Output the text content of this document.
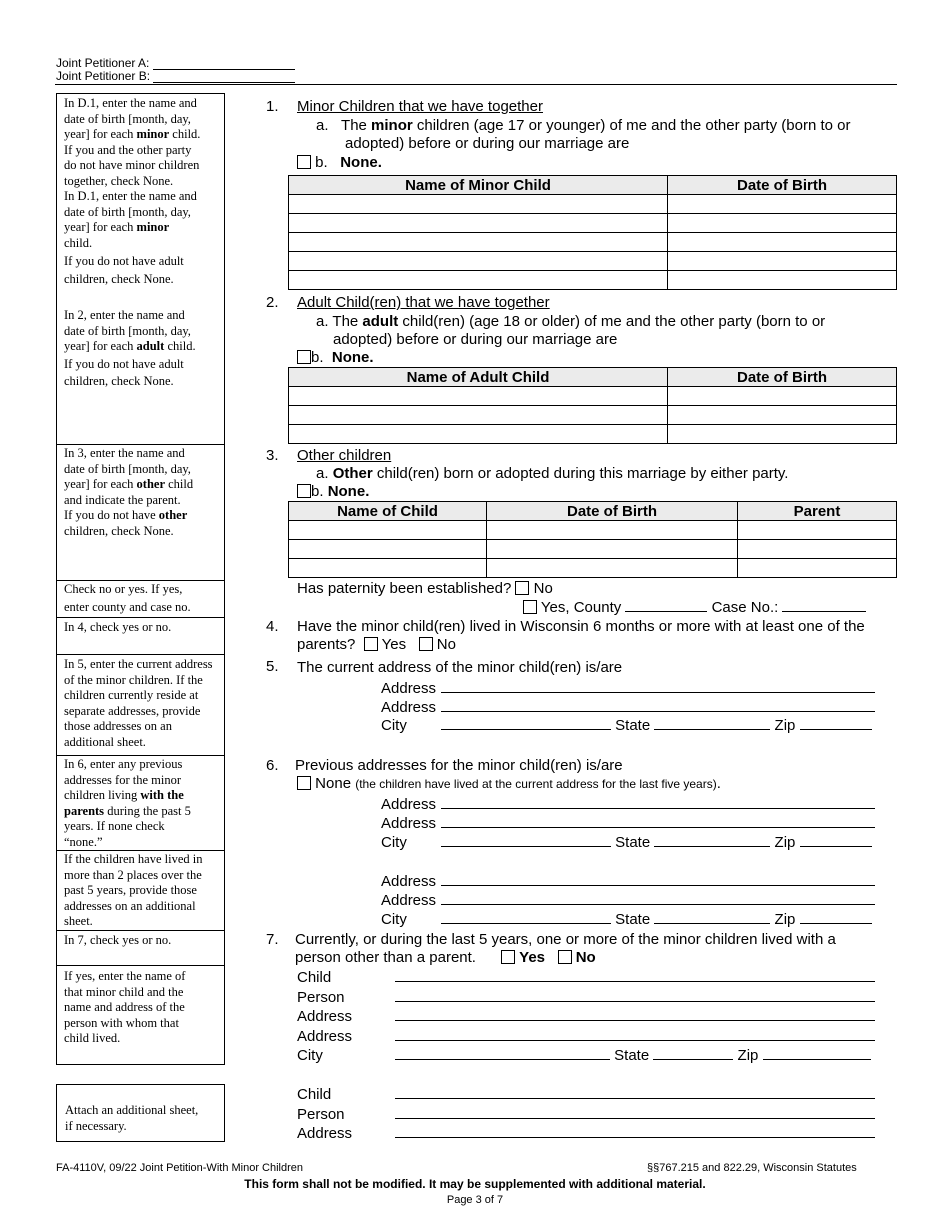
Joint Petitioner A:
Joint Petitioner B:
In D.1, enter the name and
date of birth [month, day,
year] for each minor child.
If you and the other party
do not have minor children
together, check None.
In D.1, enter the name and
date of birth [month, day,
year] for each minor
child.
If you do not have adult
children, check None.
In 2, enter the name and
date of birth [month, day,
year] for each adult child.
If you do not have adult
children, check None.
In 3, enter the name and
date of birth [month, day,
year] for each other child
and indicate the parent.
If you do not have other
children, check None.
Check no or yes. If yes,
enter county and case no.
In 4, check yes or no.
In 5, enter the current address
of the minor children. If the
children currently reside at
separate addresses, provide
those addresses on an
additional sheet.
In 6, enter any previous
addresses for the minor
children living with the
parents during the past 5
years. If none check
“none.”
If the children have lived in
more than 2 places over the
past 5 years, provide those
addresses on an additional
sheet.
In 7, check yes or no.
If yes, enter the name of
that minor child and the
name and address of the
person with whom that
child lived.
Attach an additional sheet,
if necessary.
1. Minor Children that we have together
a. The minor children (age 17 or younger) of me and the other party (born to or
adopted) before or during our marriage are
b. None.
Name of Minor Child	Date of Birth

2. Adult Child(ren) that we have together
a. The adult child(ren) (age 18 or older) of me and the other party (born to or
adopted) before or during our marriage are
b. None.
Name of Adult Child	Date of Birth

3. Other children
a. Other child(ren) born or adopted during this marriage by either party.
b. None.
Name of Child	Date of Birth	Parent

Has paternity been established? No
Yes, County	Case No.:
4. Have the minor child(ren) lived in Wisconsin 6 months or more with at least one of the
parents? Yes No
5. The current address of the minor child(ren) is/are
Address
Address
City	State	Zip
6. Previous addresses for the minor child(ren) is/are
None (the children have lived at the current address for the last five years).
Address
Address
City	State	Zip
Address
Address
City	State	Zip
7. Currently, or during the last 5 years, one or more of the minor children lived with a
person other than a parent.	Yes No
Child
Person
Address
Address
City	State	Zip
Child
Person
Address
FA-4110V, 09/22 Joint Petition-With Minor Children	§§767.215 and 822.29, Wisconsin Statutes
This form shall not be modified. It may be supplemented with additional material.
Page 3 of 7
